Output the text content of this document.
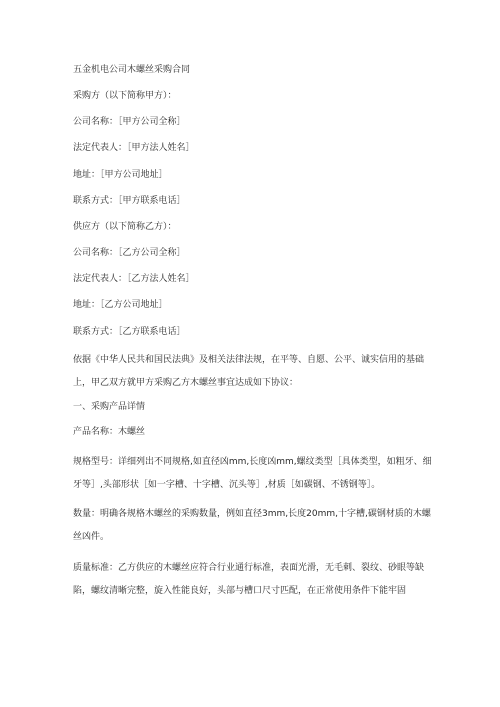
五金机电公司木螺丝采购合同

采购方（以下简称甲方）：

公司名称：［甲方公司全称］

法定代表人：［甲方法人姓名］

地址：［甲方公司地址］

联系方式：［甲方联系电话］

供应方（以下简称乙方）：

公司名称：［乙方公司全称］

法定代表人：［乙方法人姓名］

地址：［乙方公司地址］

联系方式：［乙方联系电话］

依据《中华人民共和国民法典》及相关法律法规，在平等、自愿、公平、诚实信用的基础上，甲乙双方就甲方采购乙方木螺丝事宜达成如下协议：

一、采购产品详情

产品名称：木螺丝

规格型号：详细列出不同规格,如直径凶mm,长度凶mm,螺纹类型［具体类型，如粗牙、细牙等］,头部形状［如一字槽、十字槽、沉头等］,材质［如碳钢、不锈钢等］。

数量：明确各规格木螺丝的采购数量，例如直径3mm,长度20mm,十字槽,碳钢材质的木螺丝凶件。

质量标准：乙方供应的木螺丝应符合行业通行标准，表面光滑，无毛刺、裂纹、砂眼等缺陷，螺纹清晰完整，旋入性能良好，头部与槽口尺寸匹配，在正常使用条件下能牢固
